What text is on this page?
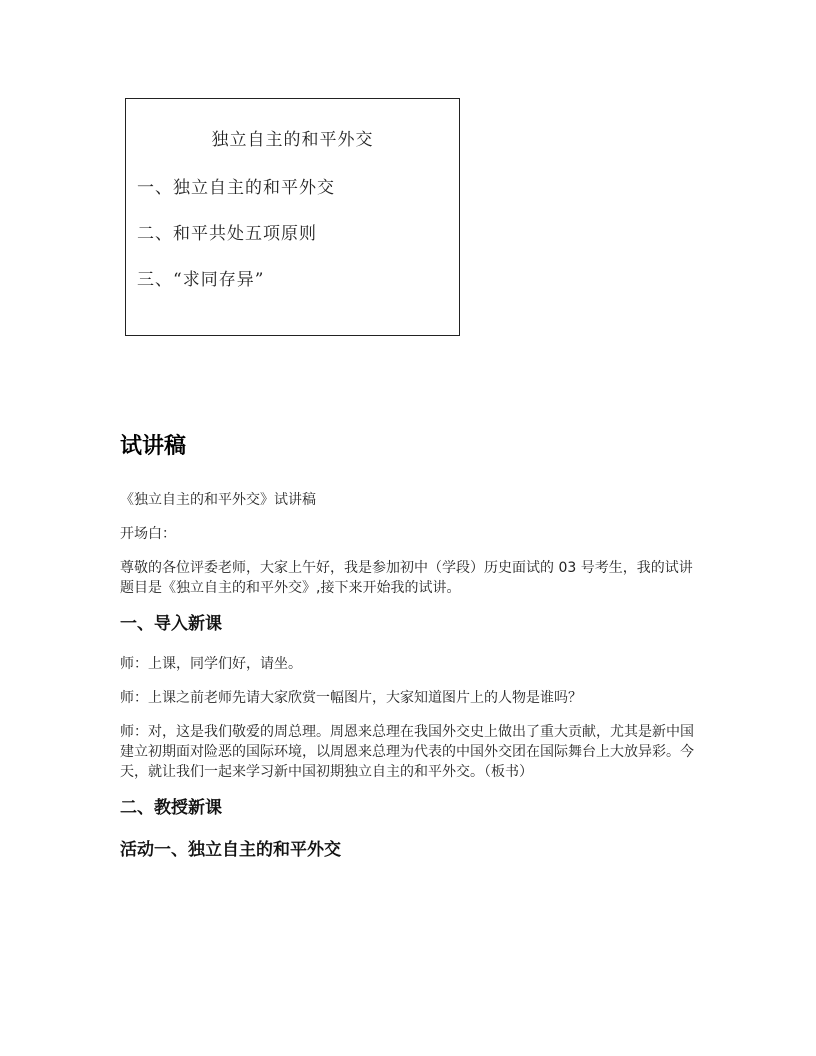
独立自主的和平外交
一、独立自主的和平外交
二、和平共处五项原则
三、“求同存异”
试讲稿

《独立自主的和平外交》试讲稿

开场白：

尊敬的各位评委老师，大家上午好，我是参加初中（学段）历史面试的 03 号考生，我的试讲题目是《独立自主的和平外交》,接下来开始我的试讲。

一、导入新课

师：上课，同学们好，请坐。

师：上课之前老师先请大家欣赏一幅图片，大家知道图片上的人物是谁吗？

师：对，这是我们敬爱的周总理。周恩来总理在我国外交史上做出了重大贡献，尤其是新中国建立初期面对险恶的国际环境，以周恩来总理为代表的中国外交团在国际舞台上大放异彩。今天，就让我们一起来学习新中国初期独立自主的和平外交。（板书）

二、教授新课
活动一、独立自主的和平外交
